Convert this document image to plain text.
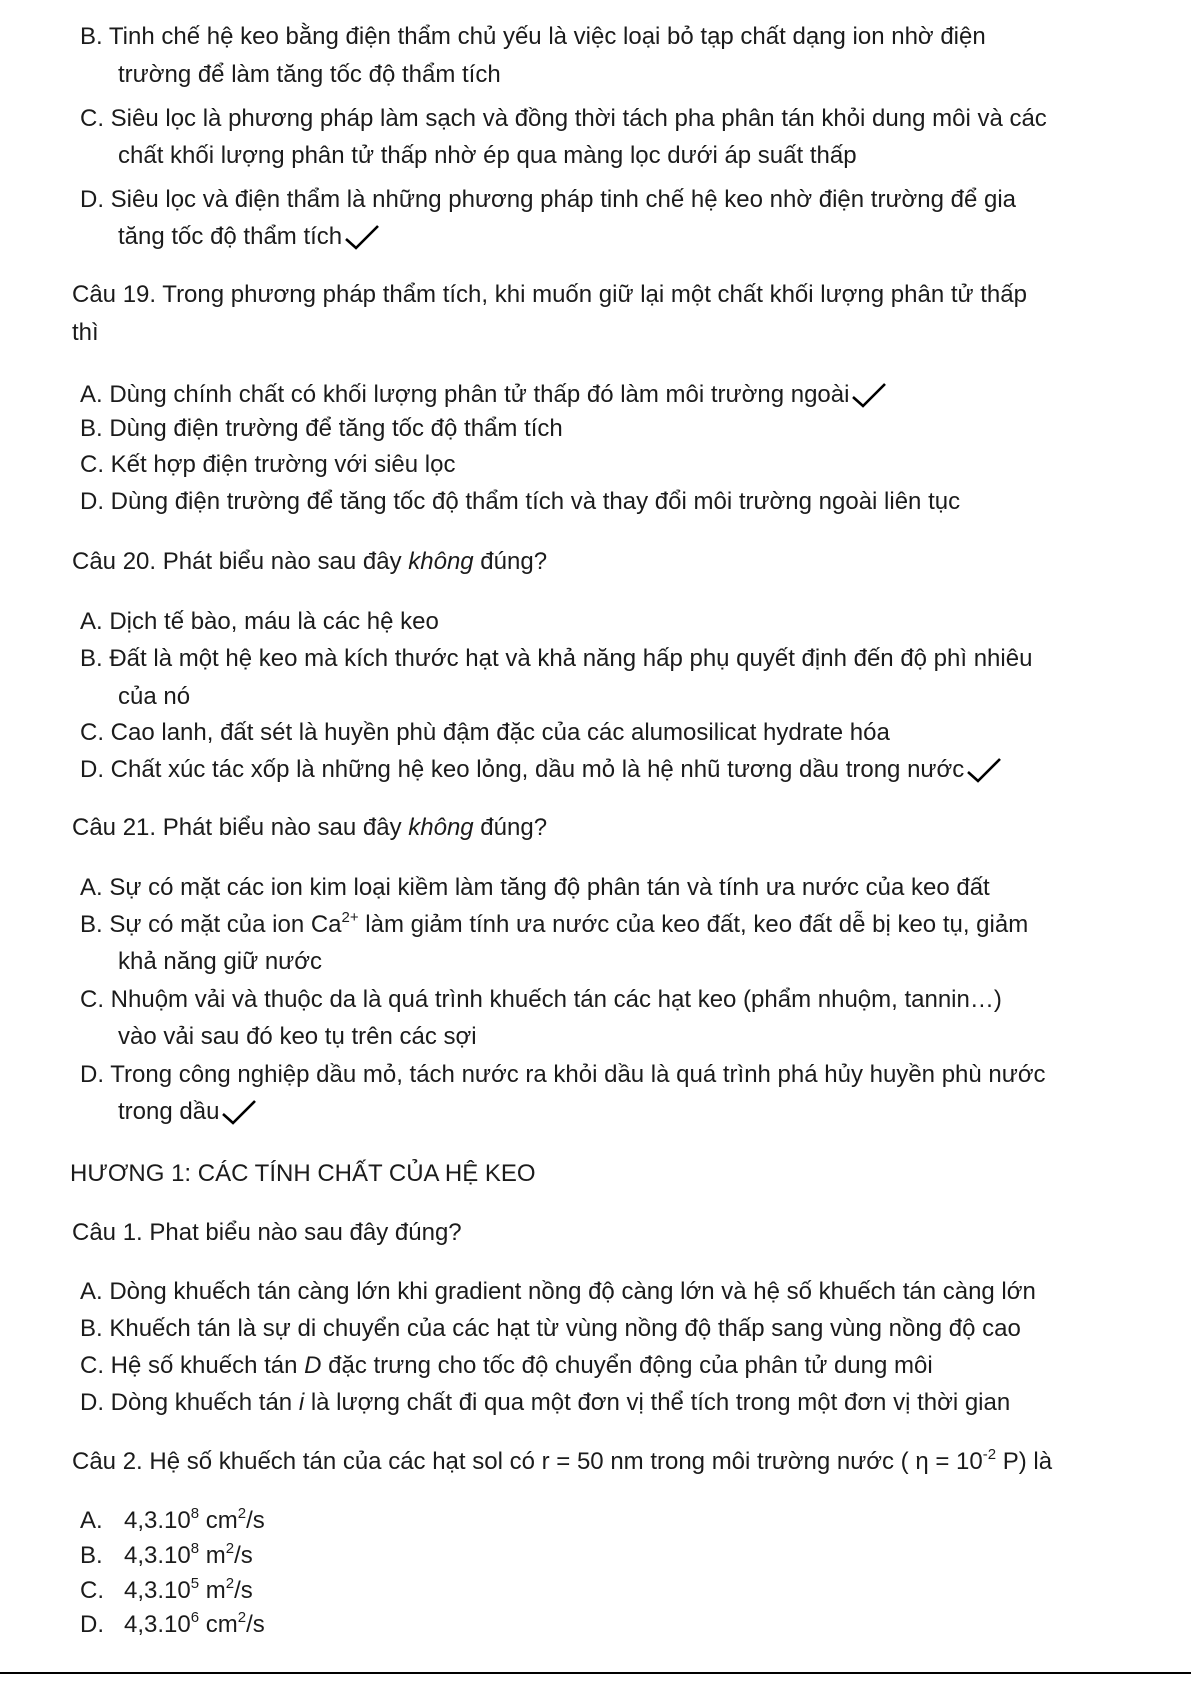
B. Tinh chế hệ keo bằng điện thẩm chủ yếu là việc loại bỏ tạp chất dạng ion nhờ điện
trường để làm tăng tốc độ thẩm tích
C. Siêu lọc là phương pháp làm sạch và đồng thời tách pha phân tán khỏi dung môi và các
chất khối lượng phân tử thấp nhờ ép qua màng lọc dưới áp suất thấp
D. Siêu lọc và điện thẩm là những phương pháp tinh chế hệ keo nhờ điện trường để gia
tăng tốc độ thẩm tích
Câu 19. Trong phương pháp thẩm tích, khi muốn giữ lại một chất khối lượng phân tử thấp
thì
A. Dùng chính chất có khối lượng phân tử thấp đó làm môi trường ngoài
B. Dùng điện trường để tăng tốc độ thẩm tích
C. Kết hợp điện trường với siêu lọc
D. Dùng điện trường để tăng tốc độ thẩm tích và thay đổi môi trường ngoài liên tục
Câu 20. Phát biểu nào sau đây không đúng?
A. Dịch tế bào, máu là các hệ keo
B. Đất là một hệ keo mà kích thước hạt và khả năng hấp phụ quyết định đến độ phì nhiêu
của nó
C. Cao lanh, đất sét là huyền phù đậm đặc của các alumosilicat hydrate hóa
D. Chất xúc tác xốp là những hệ keo lỏng, dầu mỏ là hệ nhũ tương dầu trong nước
Câu 21. Phát biểu nào sau đây không đúng?
A. Sự có mặt các ion kim loại kiềm làm tăng độ phân tán và tính ưa nước của keo đất
B. Sự có mặt của ion $Ca^{2+}$ làm giảm tính ưa nước của keo đất, keo đất dễ bị keo tụ, giảm
khả năng giữ nước
C. Nhuộm vải và thuộc da là quá trình khuếch tán các hạt keo (phẩm nhuộm, tannin…)
vào vải sau đó keo tụ trên các sợi
D. Trong công nghiệp dầu mỏ, tách nước ra khỏi dầu là quá trình phá hủy huyền phù nước
trong dầu
HƯƠNG 1: CÁC TÍNH CHẤT CỦA HỆ KEO
Câu 1. Phat biểu nào sau đây đúng?
A. Dòng khuếch tán càng lớn khi gradient nồng độ càng lớn và hệ số khuếch tán càng lớn
B. Khuếch tán là sự di chuyển của các hạt từ vùng nồng độ thấp sang vùng nồng độ cao
C. Hệ số khuếch tán D đặc trưng cho tốc độ chuyển động của phân tử dung môi
D. Dòng khuếch tán i là lượng chất đi qua một đơn vị thể tích trong một đơn vị thời gian
Câu 2. Hệ số khuếch tán của các hạt sol có r = 50 nm trong môi trường nước ( $\eta = 10^{-2}$ P) là
A. 4,3.10$^8$ $cm^2/s$
B. 4,3.10$^8$ $m^2/s$
C. 4,3.10$^5$ $m^2/s$
D. 4,3.10$^6$ $cm^2/s$
